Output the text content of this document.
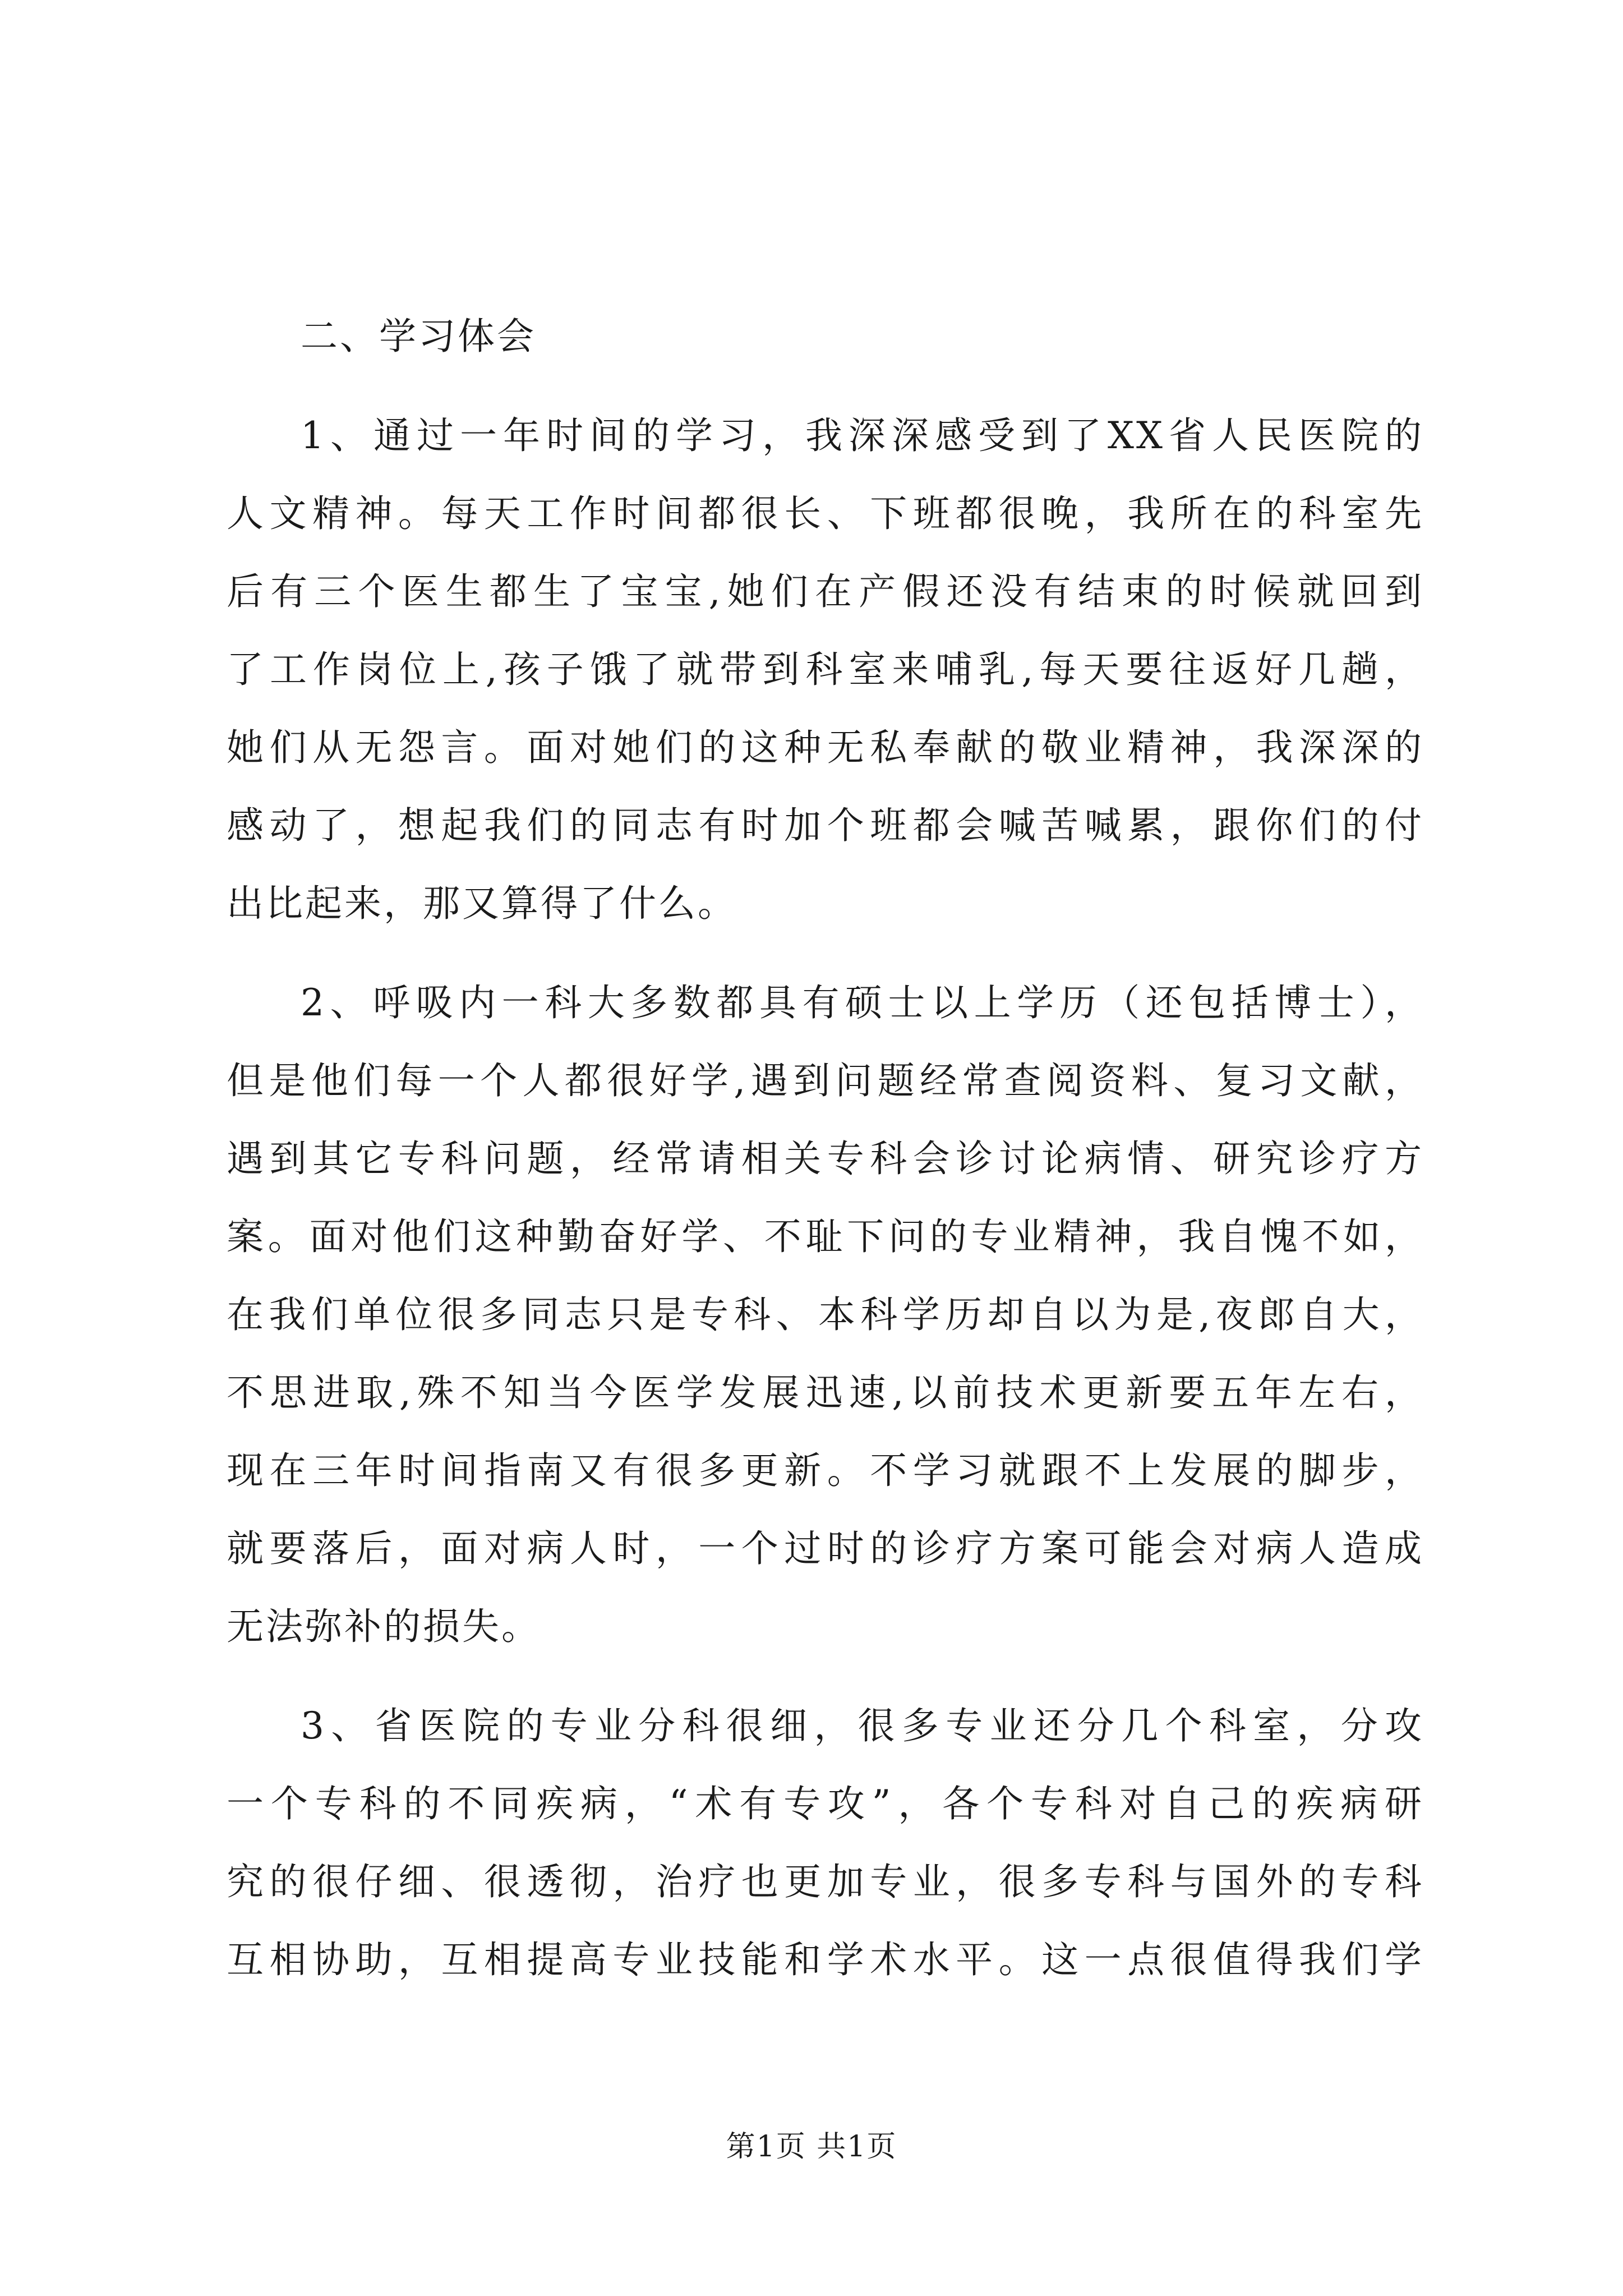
二、学习体会
1、通过一年时间的学习，我深深感受到了XX省人民医院的
人文精神。每天工作时间都很长、下班都很晚，我所在的科室先
后有三个医生都生了宝宝,她们在产假还没有结束的时候就回到
了工作岗位上,孩子饿了就带到科室来哺乳,每天要往返好几趟，
她们从无怨言。面对她们的这种无私奉献的敬业精神，我深深的
感动了，想起我们的同志有时加个班都会喊苦喊累，跟你们的付
出比起来，那又算得了什么。
2、呼吸内一科大多数都具有硕士以上学历（还包括博士），
但是他们每一个人都很好学,遇到问题经常查阅资料、复习文献，
遇到其它专科问题，经常请相关专科会诊讨论病情、研究诊疗方
案。面对他们这种勤奋好学、不耻下问的专业精神，我自愧不如，
在我们单位很多同志只是专科、本科学历却自以为是,夜郎自大，
不思进取,殊不知当今医学发展迅速,以前技术更新要五年左右，
现在三年时间指南又有很多更新。不学习就跟不上发展的脚步，
就要落后，面对病人时，一个过时的诊疗方案可能会对病人造成
无法弥补的损失。
3、省医院的专业分科很细，很多专业还分几个科室，分攻
一个专科的不同疾病，“术有专攻”，各个专科对自己的疾病研
究的很仔细、很透彻，治疗也更加专业，很多专科与国外的专科
互相协助，互相提高专业技能和学术水平。这一点很值得我们学
第1页 共1页
